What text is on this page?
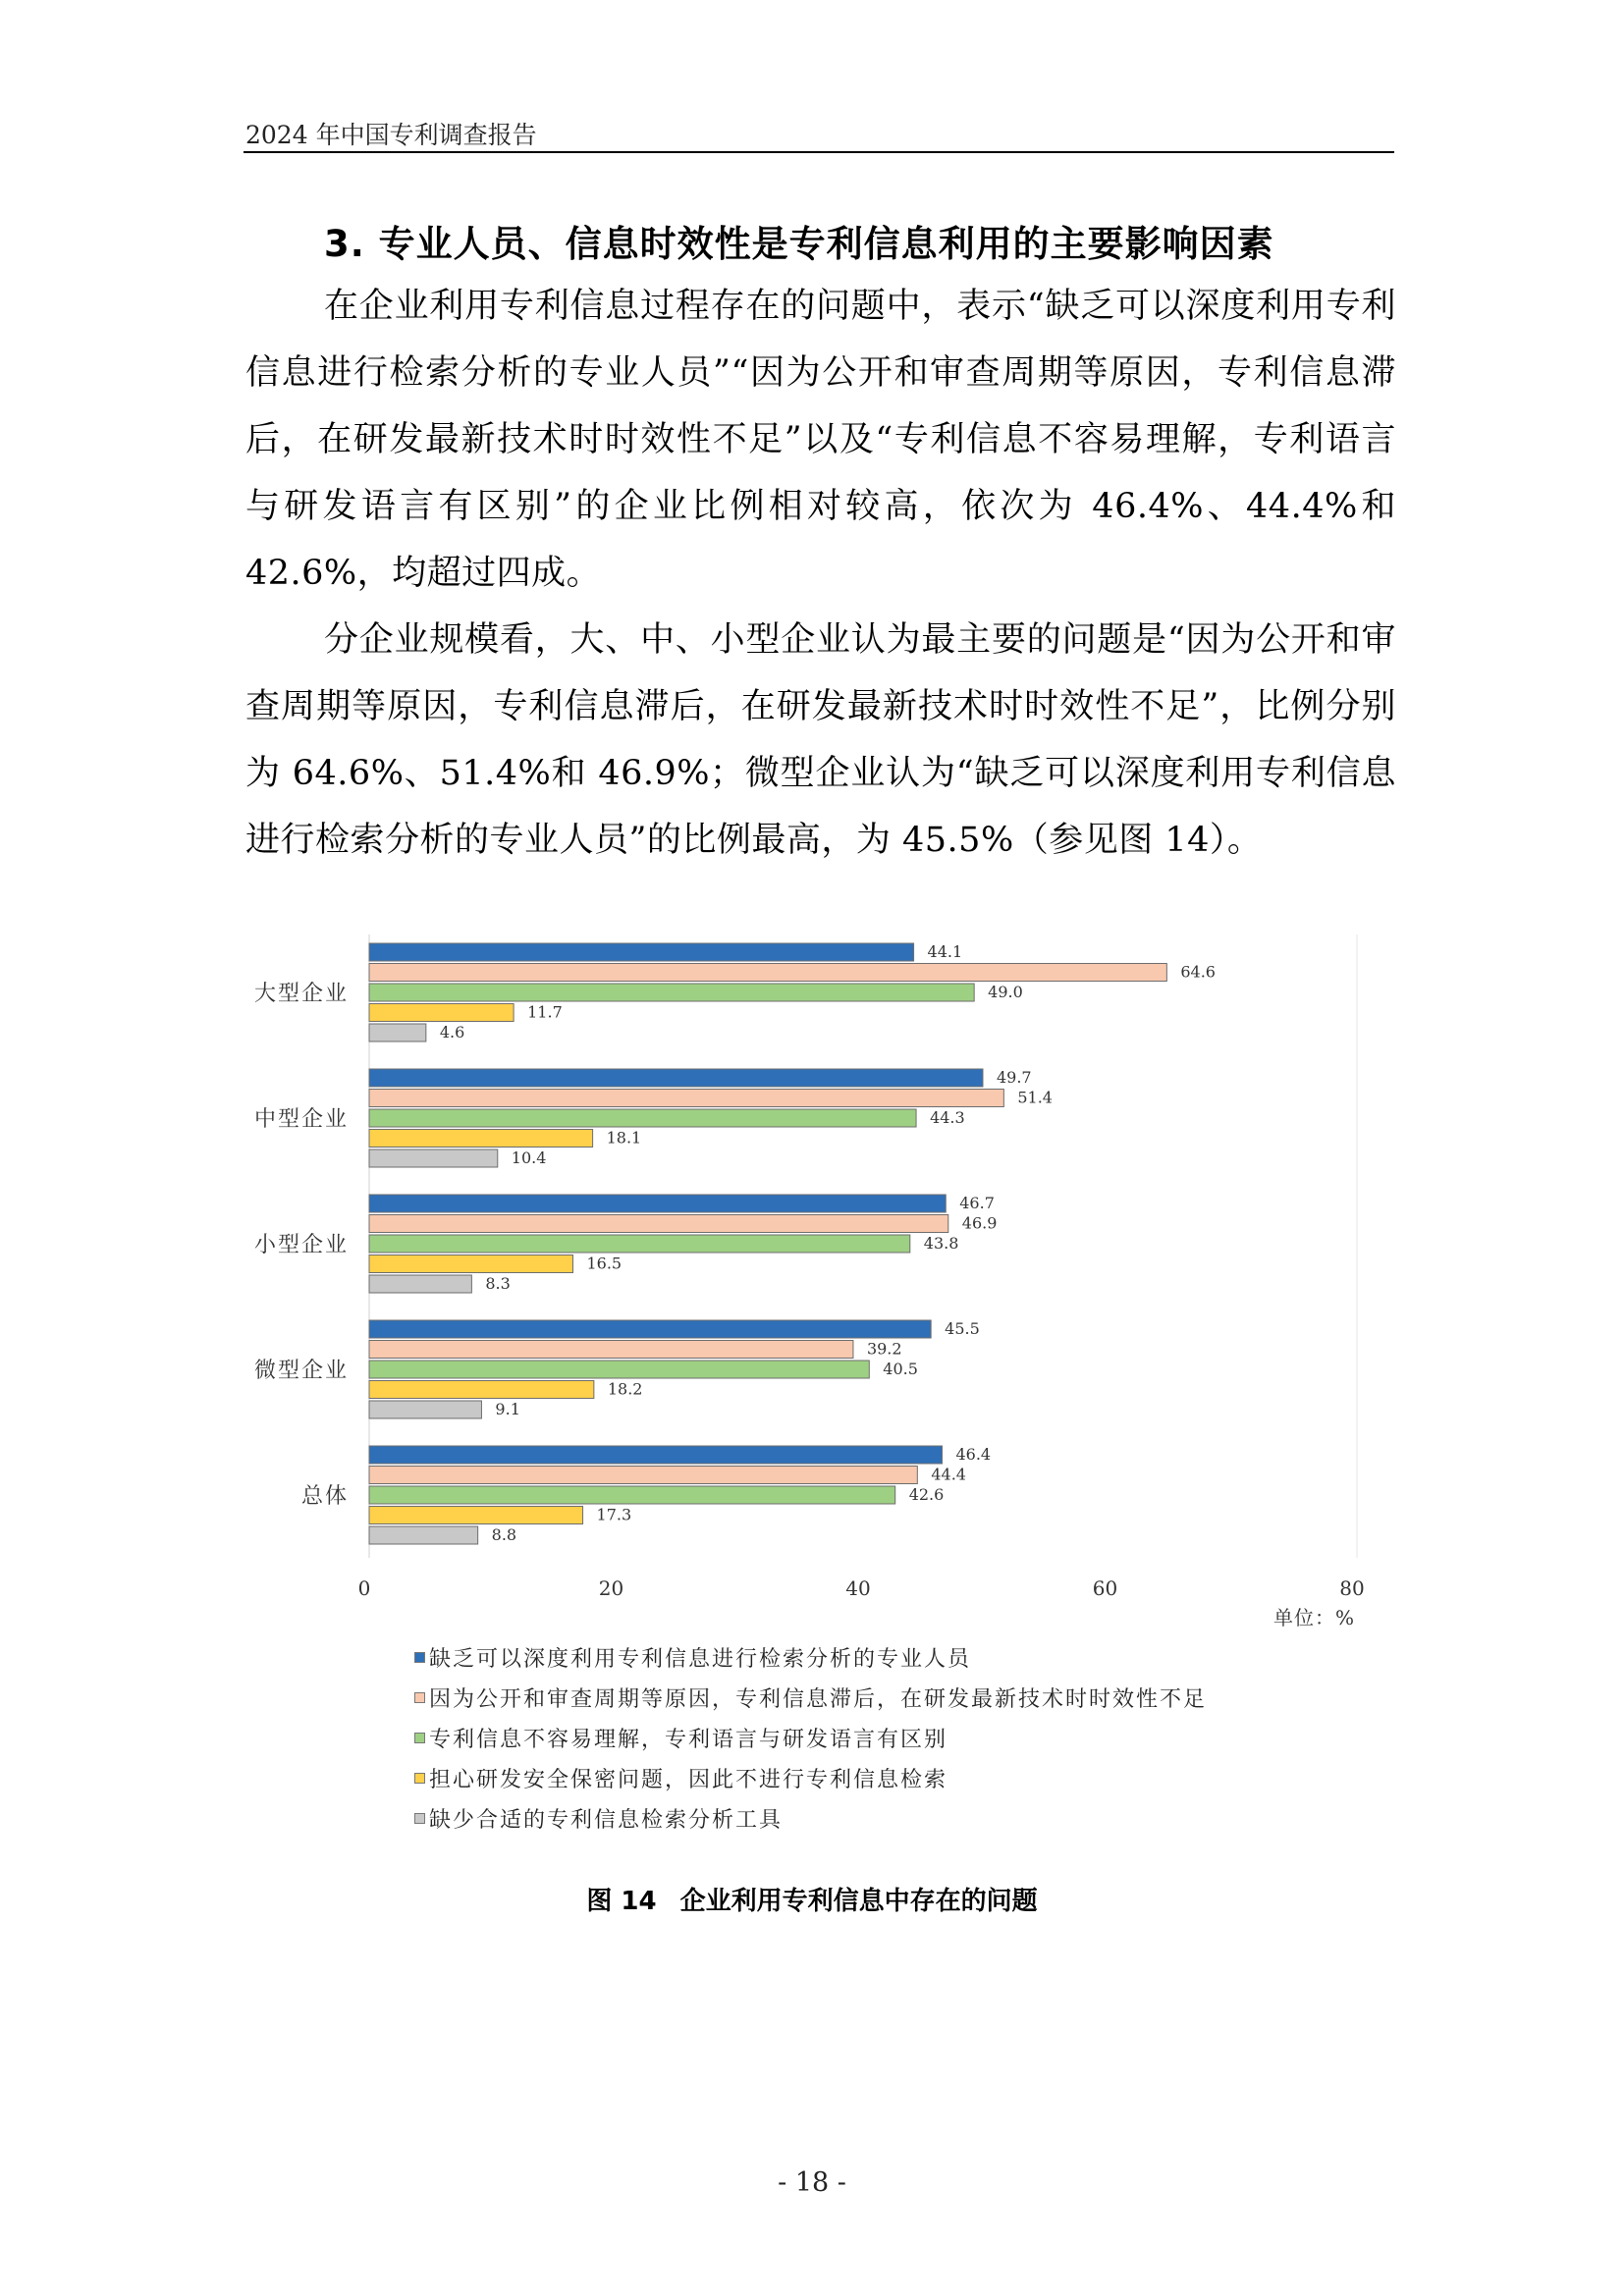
2024 年中国专利调查报告
3. 专业人员、信息时效性是专利信息利用的主要影响因素
在企业利用专利信息过程存在的问题中，表示“缺乏可以深度利用专利信息进行检索分析的专业人员”“因为公开和审查周期等原因，专利信息滞后，在研发最新技术时时效性不足”以及“专利信息不容易理解，专利语言与研发语言有区别”的企业比例相对较高，依次为 46.4%、44.4%和 42.6%，均超过四成。
分企业规模看，大、中、小型企业认为最主要的问题是“因为公开和审查周期等原因，专利信息滞后，在研发最新技术时时效性不足”，比例分别为 64.6%、51.4%和 46.9%；微型企业认为“缺乏可以深度利用专利信息进行检索分析的专业人员”的比例最高，为 45.5%（参见图 14）。
大型企业
44.1
64.6
49.0
11.7
4.6
中型企业
49.7
51.4
44.3
18.1
10.4
小型企业
46.7
46.9
43.8
16.5
8.3
微型企业
45.5
39.2
40.5
18.2
9.1
总体
46.4
44.4
42.6
17.3
8.8
0	20	40	60	80
单位：%
缺乏可以深度利用专利信息进行检索分析的专业人员
因为公开和审查周期等原因，专利信息滞后，在研发最新技术时时效性不足
专利信息不容易理解，专利语言与研发语言有区别
担心研发安全保密问题，因此不进行专利信息检索
缺少合适的专利信息检索分析工具
图 14 企业利用专利信息中存在的问题
- 18 -
